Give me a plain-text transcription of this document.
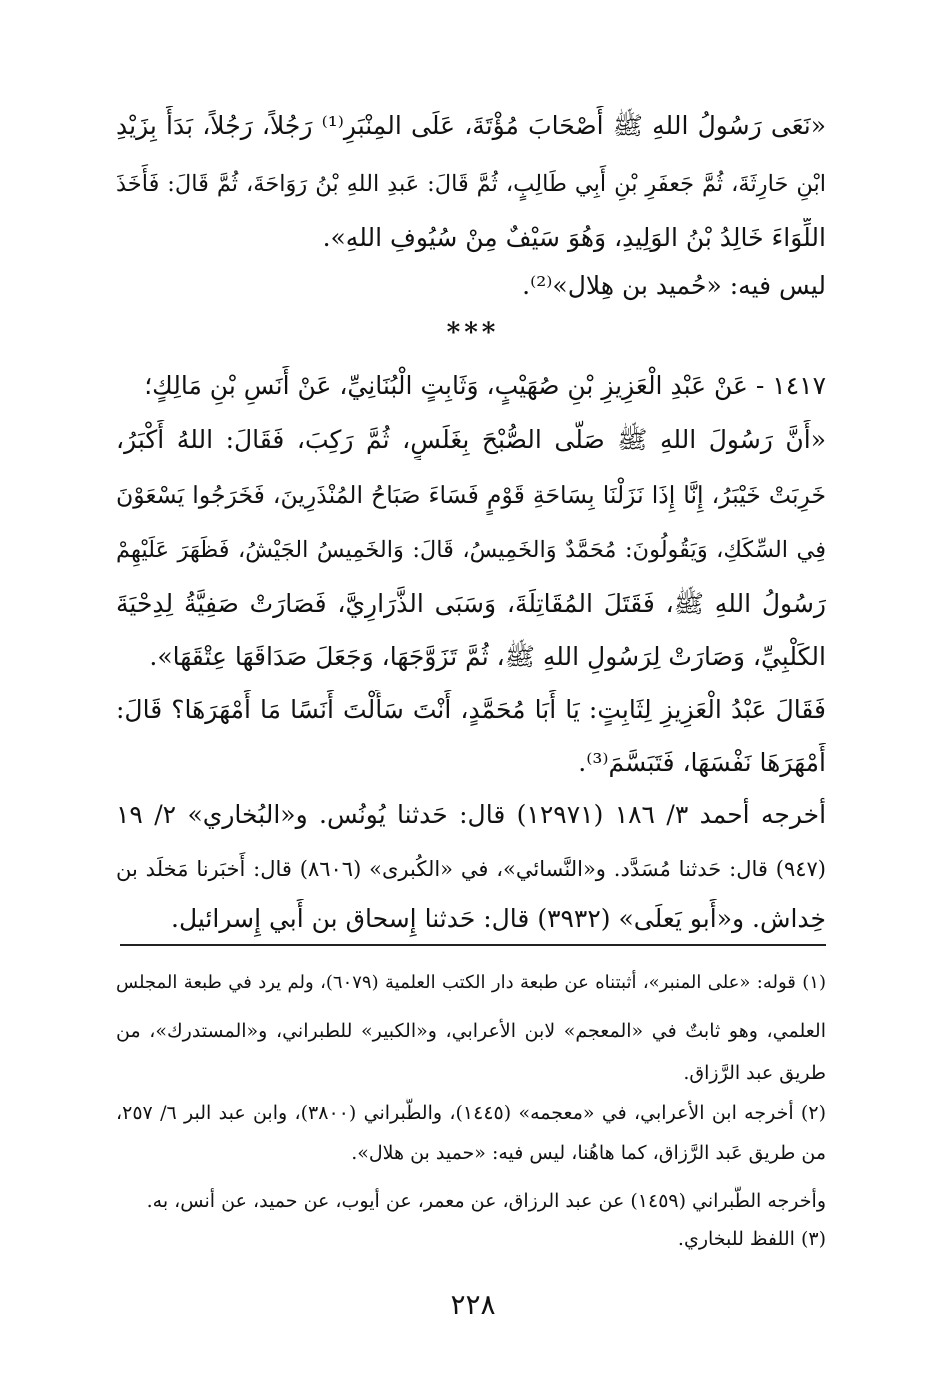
«نَعَى رَسُولُ اللهِ ﷺ أَصْحَابَ مُؤْتَةَ، عَلَى المِنْبَرِ⁽¹⁾ رَجُلاً، رَجُلاً، بَدَأَ بِزَيْدِ
ابْنِ حَارِثَةَ، ثُمَّ جَعفَرِ بْنِ أَبِي طَالِبٍ، ثُمَّ قَالَ: عَبدِ اللهِ بْنُ رَوَاحَةَ، ثُمَّ قَالَ: فَأَخَذَ
اللِّوَاءَ خَالِدُ بْنُ الوَلِيدِ، وَهُوَ سَيْفٌ مِنْ سُيُوفِ اللهِ».
ليس فيه: «حُميد بن هِلال»⁽²⁾.
***
١٤١٧ - عَنْ عَبْدِ الْعَزِيزِ بْنِ صُهَيْبٍ، وَثَابِتٍ الْبُنَانِيِّ، عَنْ أَنَسِ بْنِ مَالِكٍ؛
«أَنَّ رَسُولَ اللهِ ﷺ صَلَّى الصُّبْحَ بِغَلَسٍ، ثُمَّ رَكِبَ، فَقَالَ: اللهُ أَكْبَرُ،
خَرِبَتْ خَيْبَرُ، إِنَّا إِذَا نَزَلْنَا بِسَاحَةِ قَوْمٍ فَسَاءَ صَبَاحُ المُنْذَرِينَ، فَخَرَجُوا يَسْعَوْنَ
فِي السِّكَكِ، وَيَقُولُونَ: مُحَمَّدٌ وَالخَمِيسُ، قَالَ: وَالخَمِيسُ الجَيْشُ، فَظَهَرَ عَلَيْهِمْ
رَسُولُ اللهِ ﷺ، فَقَتَلَ المُقَاتِلَةَ، وَسَبَى الذَّرَارِيَّ، فَصَارَتْ صَفِيَّةُ لِدِحْيَةَ
الكَلْبِيِّ، وَصَارَتْ لِرَسُولِ اللهِ ﷺ، ثُمَّ تَزَوَّجَهَا، وَجَعَلَ صَدَاقَهَا عِتْقَهَا».
فَقَالَ عَبْدُ الْعَزِيزِ لِثَابِتٍ: يَا أَبَا مُحَمَّدٍ، أَنْتَ سَأَلْتَ أَنَسًا مَا أَمْهَرَهَا؟ قَالَ:
أَمْهَرَهَا نَفْسَهَا، فَتَبَسَّمَ⁽³⁾.
أخرجه أحمد ٣/ ١٨٦ (١٢٩٧١) قال: حَدثنا يُونُس. و«البُخاري» ٢/ ١٩
(٩٤٧) قال: حَدثنا مُسَدَّد. و«النَّسائي»، في «الكُبرى» (٨٦٠٦) قال: أَخبَرنا مَخلَد بن
خِداش. و«أَبو يَعلَى» (٣٩٣٢) قال: حَدثنا إِسحاق بن أَبي إِسرائيل.
(١) قوله: «على المنبر»، أثبتناه عن طبعة دار الكتب العلمية (٦٠٧٩)، ولم يرد في طبعة المجلس
العلمي، وهو ثابتٌ في «المعجم» لابن الأعرابي، و«الكبير» للطبراني، و«المستدرك»، من
طريق عبد الرَّزاق.
(٢) أخرجه ابن الأعرابي، في «معجمه» (١٤٤٥)، والطَّبراني (٣٨٠٠)، وابن عبد البر ٦/ ٢٥٧،
من طريق عَبد الرَّزاق، كما هاهُنا، ليس فيه: «حميد بن هلال».
وأخرجه الطَّبراني (١٤٥٩) عن عبد الرزاق، عن معمر، عن أيوب، عن حميد، عن أنس، به.
(٣) اللفظ للبخاري.
٢٢٨
